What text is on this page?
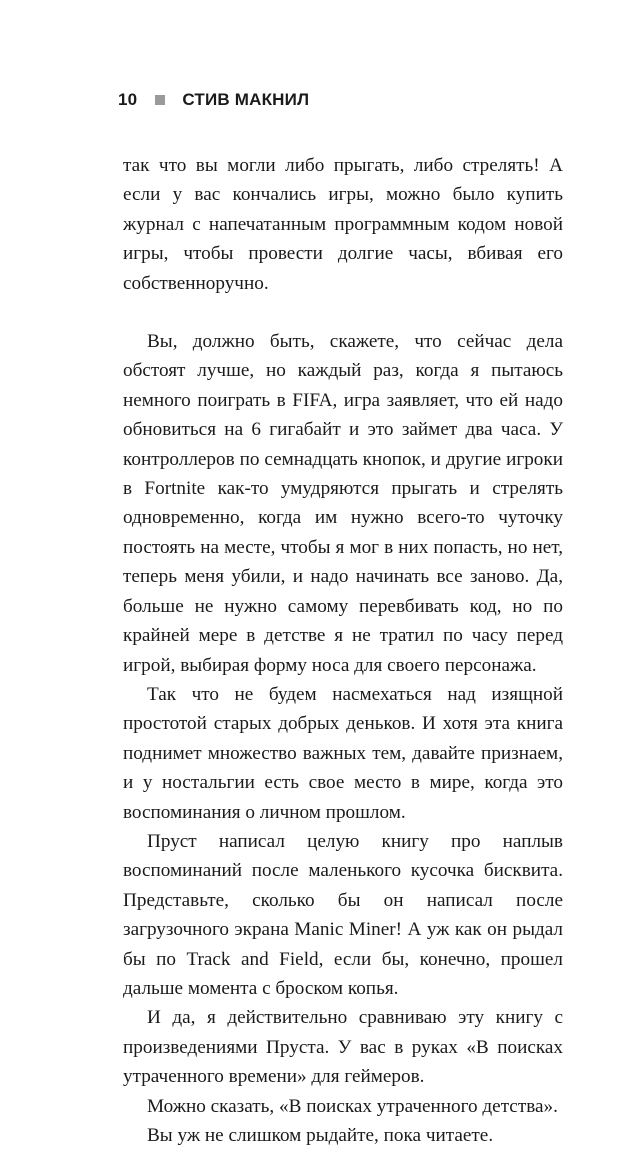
10	СТИВ МАКНИЛ

так что вы могли либо прыгать, либо стрелять! А если у вас кончались игры, можно было купить журнал с напечатанным программным кодом новой игры, чтобы провести долгие часы, вбивая его собственноручно.

Вы, должно быть, скажете, что сейчас дела обстоят лучше, но каждый раз, когда я пытаюсь немного поиграть в FIFA, игра заявляет, что ей надо обновиться на 6 гигабайт и это займет два часа. У контроллеров по семнадцать кнопок, и другие игроки в Fortnite как-то умудряются прыгать и стрелять одновременно, когда им нужно всего-то чуточку постоять на месте, чтобы я мог в них попасть, но нет, теперь меня убили, и надо начинать все заново. Да, больше не нужно самому перевбивать код, но по крайней мере в детстве я не тратил по часу перед игрой, выбирая форму носа для своего персонажа.

Так что не будем насмехаться над изящной простотой старых добрых деньков. И хотя эта книга поднимет множество важных тем, давайте признаем, и у ностальгии есть свое место в мире, когда это воспоминания о личном прошлом.

Пруст написал целую книгу про наплыв воспоминаний после маленького кусочка бисквита. Представьте, сколько бы он написал после загрузочного экрана Manic Miner! А уж как он рыдал бы по Track and Field, если бы, конечно, прошел дальше момента с броском копья.

И да, я действительно сравниваю эту книгу с произведениями Пруста. У вас в руках «В поисках утраченного времени» для геймеров.

Можно сказать, «В поисках утраченного детства».

Вы уж не слишком рыдайте, пока читаете.
